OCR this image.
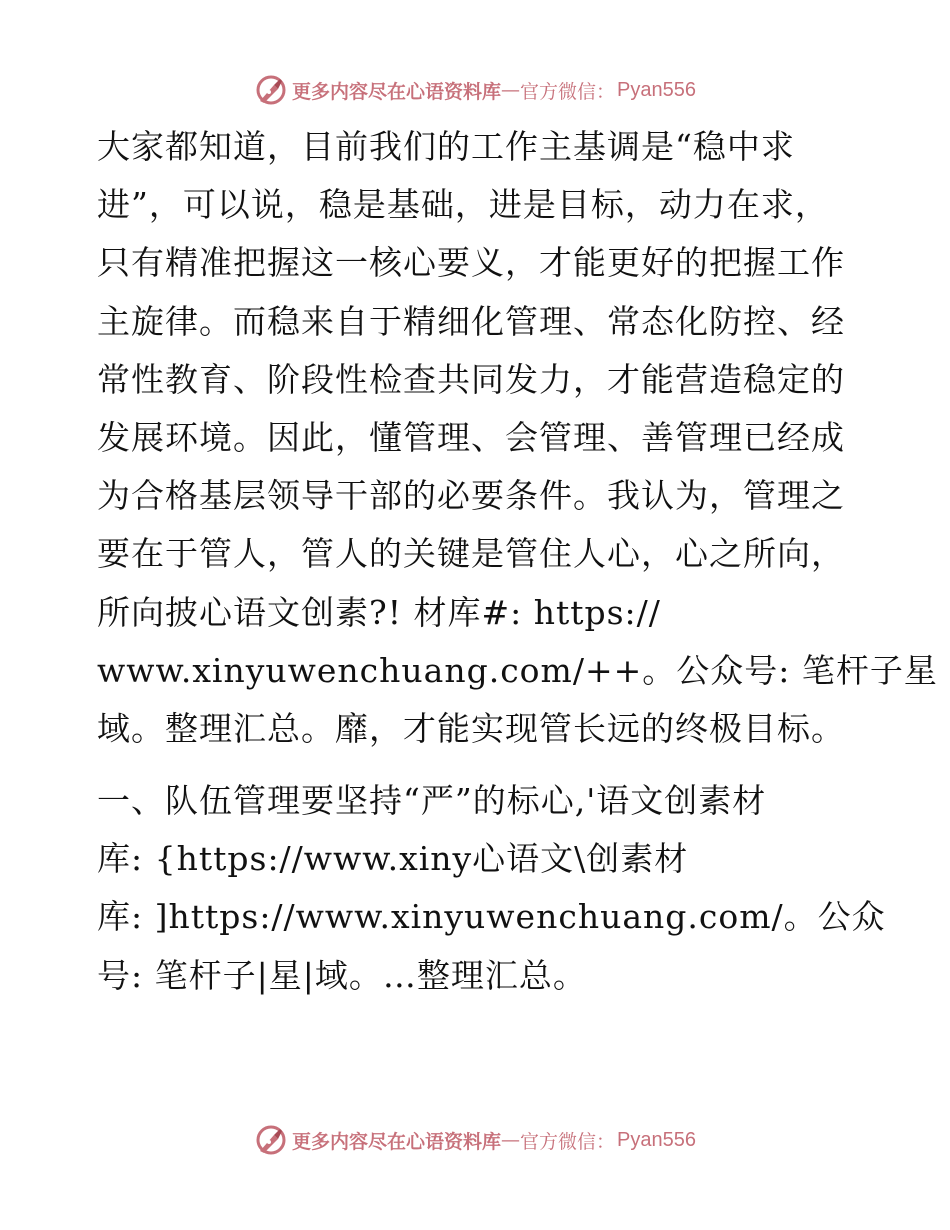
更多内容尽在心语资料库 — 官方微信： Pyan556

大家都知道，目前我们的工作主基调是“稳中求
进”，可以说，稳是基础，进是目标，动力在求，
只有精准把握这一核心要义，才能更好的把握工作
主旋律。而稳来自于精细化管理、常态化防控、经
常性教育、阶段性检查共同发力，才能营造稳定的
发展环境。因此，懂管理、会管理、善管理已经成
为合格基层领导干部的必要条件。我认为，管理之
要在于管人，管人的关键是管住人心，心之所向，
所向披心语文创素?! 材库#: https://
www.xinyuwenchuang.com/++。公众号: 笔杆子星
域。整理汇总。靡，才能实现管长远的终极目标。

一、队伍管理要坚持“严”的标心,'语文创素材
库: {https://www.xiny心语文\创素材
库: ]https://www.xinyuwenchuang.com/。公众
号: 笔杆子|星|域。…整理汇总。

更多内容尽在心语资料库 — 官方微信： Pyan556
